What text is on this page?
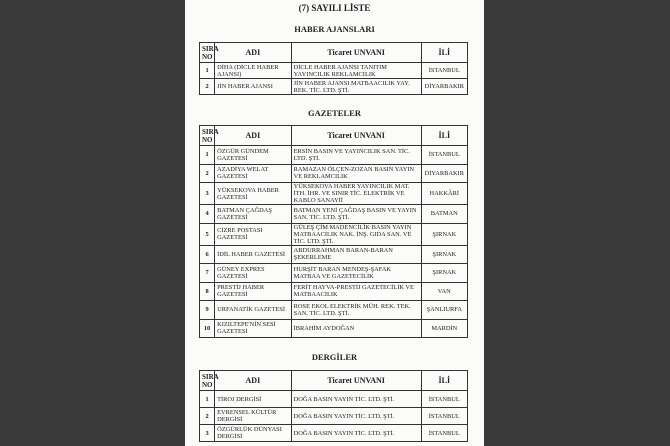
(7) SAYILI LİSTE
HABER AJANSLARI
SIRA NO	ADI	Ticaret UNVANI	İLİ
1	DİHA (DİCLE HABER AJANSI)	DİCLE HABER AJANSI TANITIM YAYINCILIK REKLAMCILIK	İSTANBUL
2	JİN HABER AJANSI	JİN HABER AJANSI MATBAACILIK YAY. REK. TİC. LTD. ŞTİ.	DİYARBAKIR
GAZETELER
SIRA NO	ADI	Ticaret UNVANI	İLİ
1	ÖZGÜR GÜNDEM GAZETESİ	ERSİN BASIN VE YAYINCILIK SAN. TİC. LTD. ŞTİ.	İSTANBUL
2	AZADİYA WELAT GAZETESİ	RAMAZAN ÖLÇEN-ZOZAN BASIN YAYIN VE REKLAMCILIK	DİYARBAKIR
3	YÜKSEKOVA HABER GAZETESİ	YÜKSEKOVA HABER YAYINCILIK MAT. İTH. İHR. VE SINIR TİC. ELEKTRİK VE KABLO SANAYİİ	HAKKÂRİ
4	BATMAN ÇAĞDAŞ GAZETESİ	BATMAN YENİ ÇAĞDAŞ BASIN VE YAYIN SAN. TİC. LTD. ŞTİ.	BATMAN
5	CİZRE POSTASI GAZETESİ	GÜLEŞ ÇİM MADENCİLİK BASIN YAYIN MATBAACILIK NAK. İNŞ. GIDA SAN. VE TİC. LTD. ŞTİ.	ŞIRNAK
6	İDİL HABER GAZETESİ	ABDURRAHMAN BARAN-BARAN ŞEKERLEME	ŞIRNAK
7	GÜNEY EXPRES GAZETESİ	HURŞİT BARAN MENDEŞ-ŞAFAK MATBAA VE GAZETECİLİK	ŞIRNAK
8	PRESTİJ HABER GAZETESİ	FERİT HAYVA-PRESTİJ GAZETECİLİK VE MATBAACILIK	VAN
9	URFANATİK GAZETESİ	ROSE EKOL ELEKTRİK MÜH. REK. TEK. SAN. TİC. LTD. ŞTİ.	ŞANLIURFA
10	KIZILTEPE'NİN SESİ GAZETESİ	İBRAHİM AYDOĞAN	MARDİN
DERGİLER
SIRA NO	ADI	Ticaret UNVANI	İLİ
1	TİROJ DERGİSİ	DOĞA BASIN YAYIN TİC. LTD. ŞTİ.	İSTANBUL
2	EVRENSEL KÜLTÜR DERGİSİ	DOĞA BASIN YAYIN TİC. LTD. ŞTİ.	İSTANBUL
3	ÖZGÜRLÜK DÜNYASI DERGİSİ	DOĞA BASIN YAYIN TİC. LTD. ŞTİ.	İSTANBUL
